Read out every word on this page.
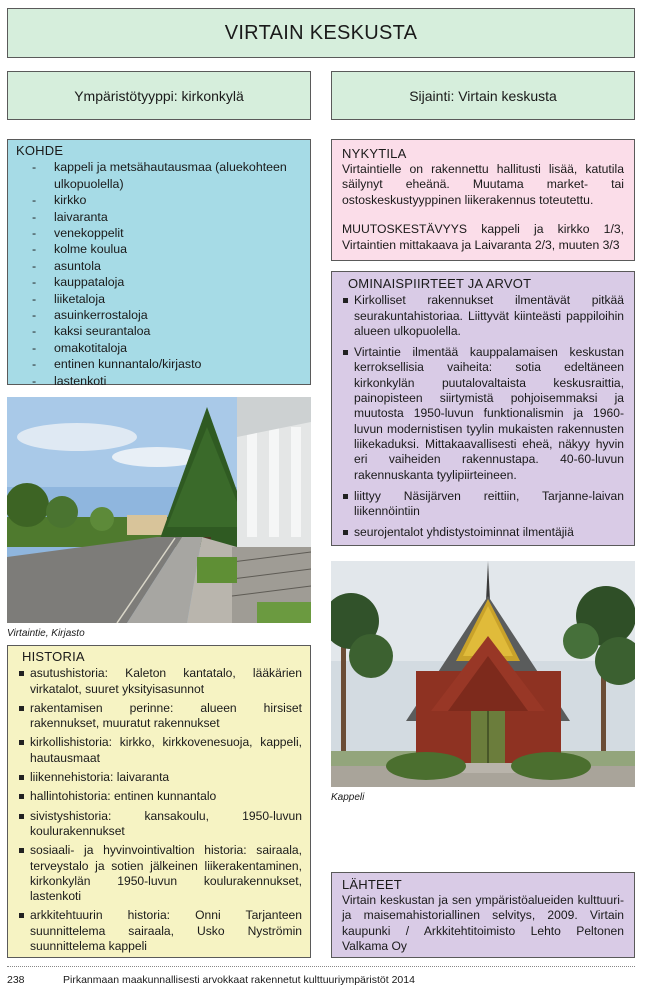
VIRTAIN KESKUSTA
Ympäristötyyppi: kirkonkylä	Sijainti: Virtain keskusta
KOHDE
- kappeli ja metsähautausmaa (aluekohteen ulkopuolella)
- kirkko
- laivaranta
- venekoppelit
- kolme koulua
- asuntola
- kauppataloja
- liiketaloja
- asuinkerrostaloja
- kaksi seurantaloa
- omakotitaloja
- entinen kunnantalo/kirjasto
- lastenkoti
NYKYTILA

Virtaintielle on rakennettu hallitusti lisää, katutila säilynyt eheänä. Muutama market- tai ostoskeskustyyppinen liikerakennus toteutettu.

MUUTOSKESTÄVYYS kappeli ja kirkko 1/3, Virtaintien mittakaava ja Laivaranta 2/3, muuten 3/3

OMINAISPIIRTEET JA ARVOT
Kirkolliset rakennukset ilmentävät pitkää seurakuntahistoriaa. Liittyvät kiinteästi pappiloihin alueen ulkopuolella.
Virtaintie ilmentää kauppalamaisen keskustan kerroksellisia vaiheita: sotia edeltäneen kirkonkylän puutalovaltaista keskusraittia, painopisteen siirtymistä pohjoisemmaksi ja muutosta 1950-luvun funktionalismin ja 1960-luvun modernistisen tyylin mukaisten rakennusten liikekaduksi. Mittakaavallisesti eheä, näkyy hyvin eri vaiheiden rakennustapa. 40-60-luvun rakennuskanta tyylipiirteineen.
liittyy Näsijärven reittiin, Tarjanne-laivan liikennöintiin
seurojentalot yhdistystoiminnat ilmentäjiä
Virtaintie, Kirjasto
HISTORIA
asutushistoria: Kaleton kantatalo, lääkärien virkatalot, suuret yksityisasunnot
rakentamisen perinne: alueen hirsiset rakennukset, muuratut rakennukset
kirkollishistoria: kirkko, kirkkovenesuoja, kappeli, hautausmaat
liikennehistoria: laivaranta
hallintohistoria: entinen kunnantalo
sivistyshistoria: kansakoulu, 1950-luvun koulurakennukset
sosiaali- ja hyvinvointivaltion historia: sairaala, terveystalo ja sotien jälkeinen liikerakentaminen, kirkonkylän 1950-luvun koulurakennukset, lastenkoti
arkkitehtuurin historia: Onni Tarjanteen suunnittelema sairaala, Usko Nyströmin suunnittelema kappeli
Kappeli
LÄHTEET

Virtain keskustan ja sen ympäristöalueiden kulttuuri- ja maisemahistoriallinen selvitys, 2009. Virtain kaupunki / Arkkitehtitoimisto Lehto Peltonen Valkama Oy

238	Pirkanmaan maakunnallisesti arvokkaat rakennetut kulttuuriympäristöt 2014
